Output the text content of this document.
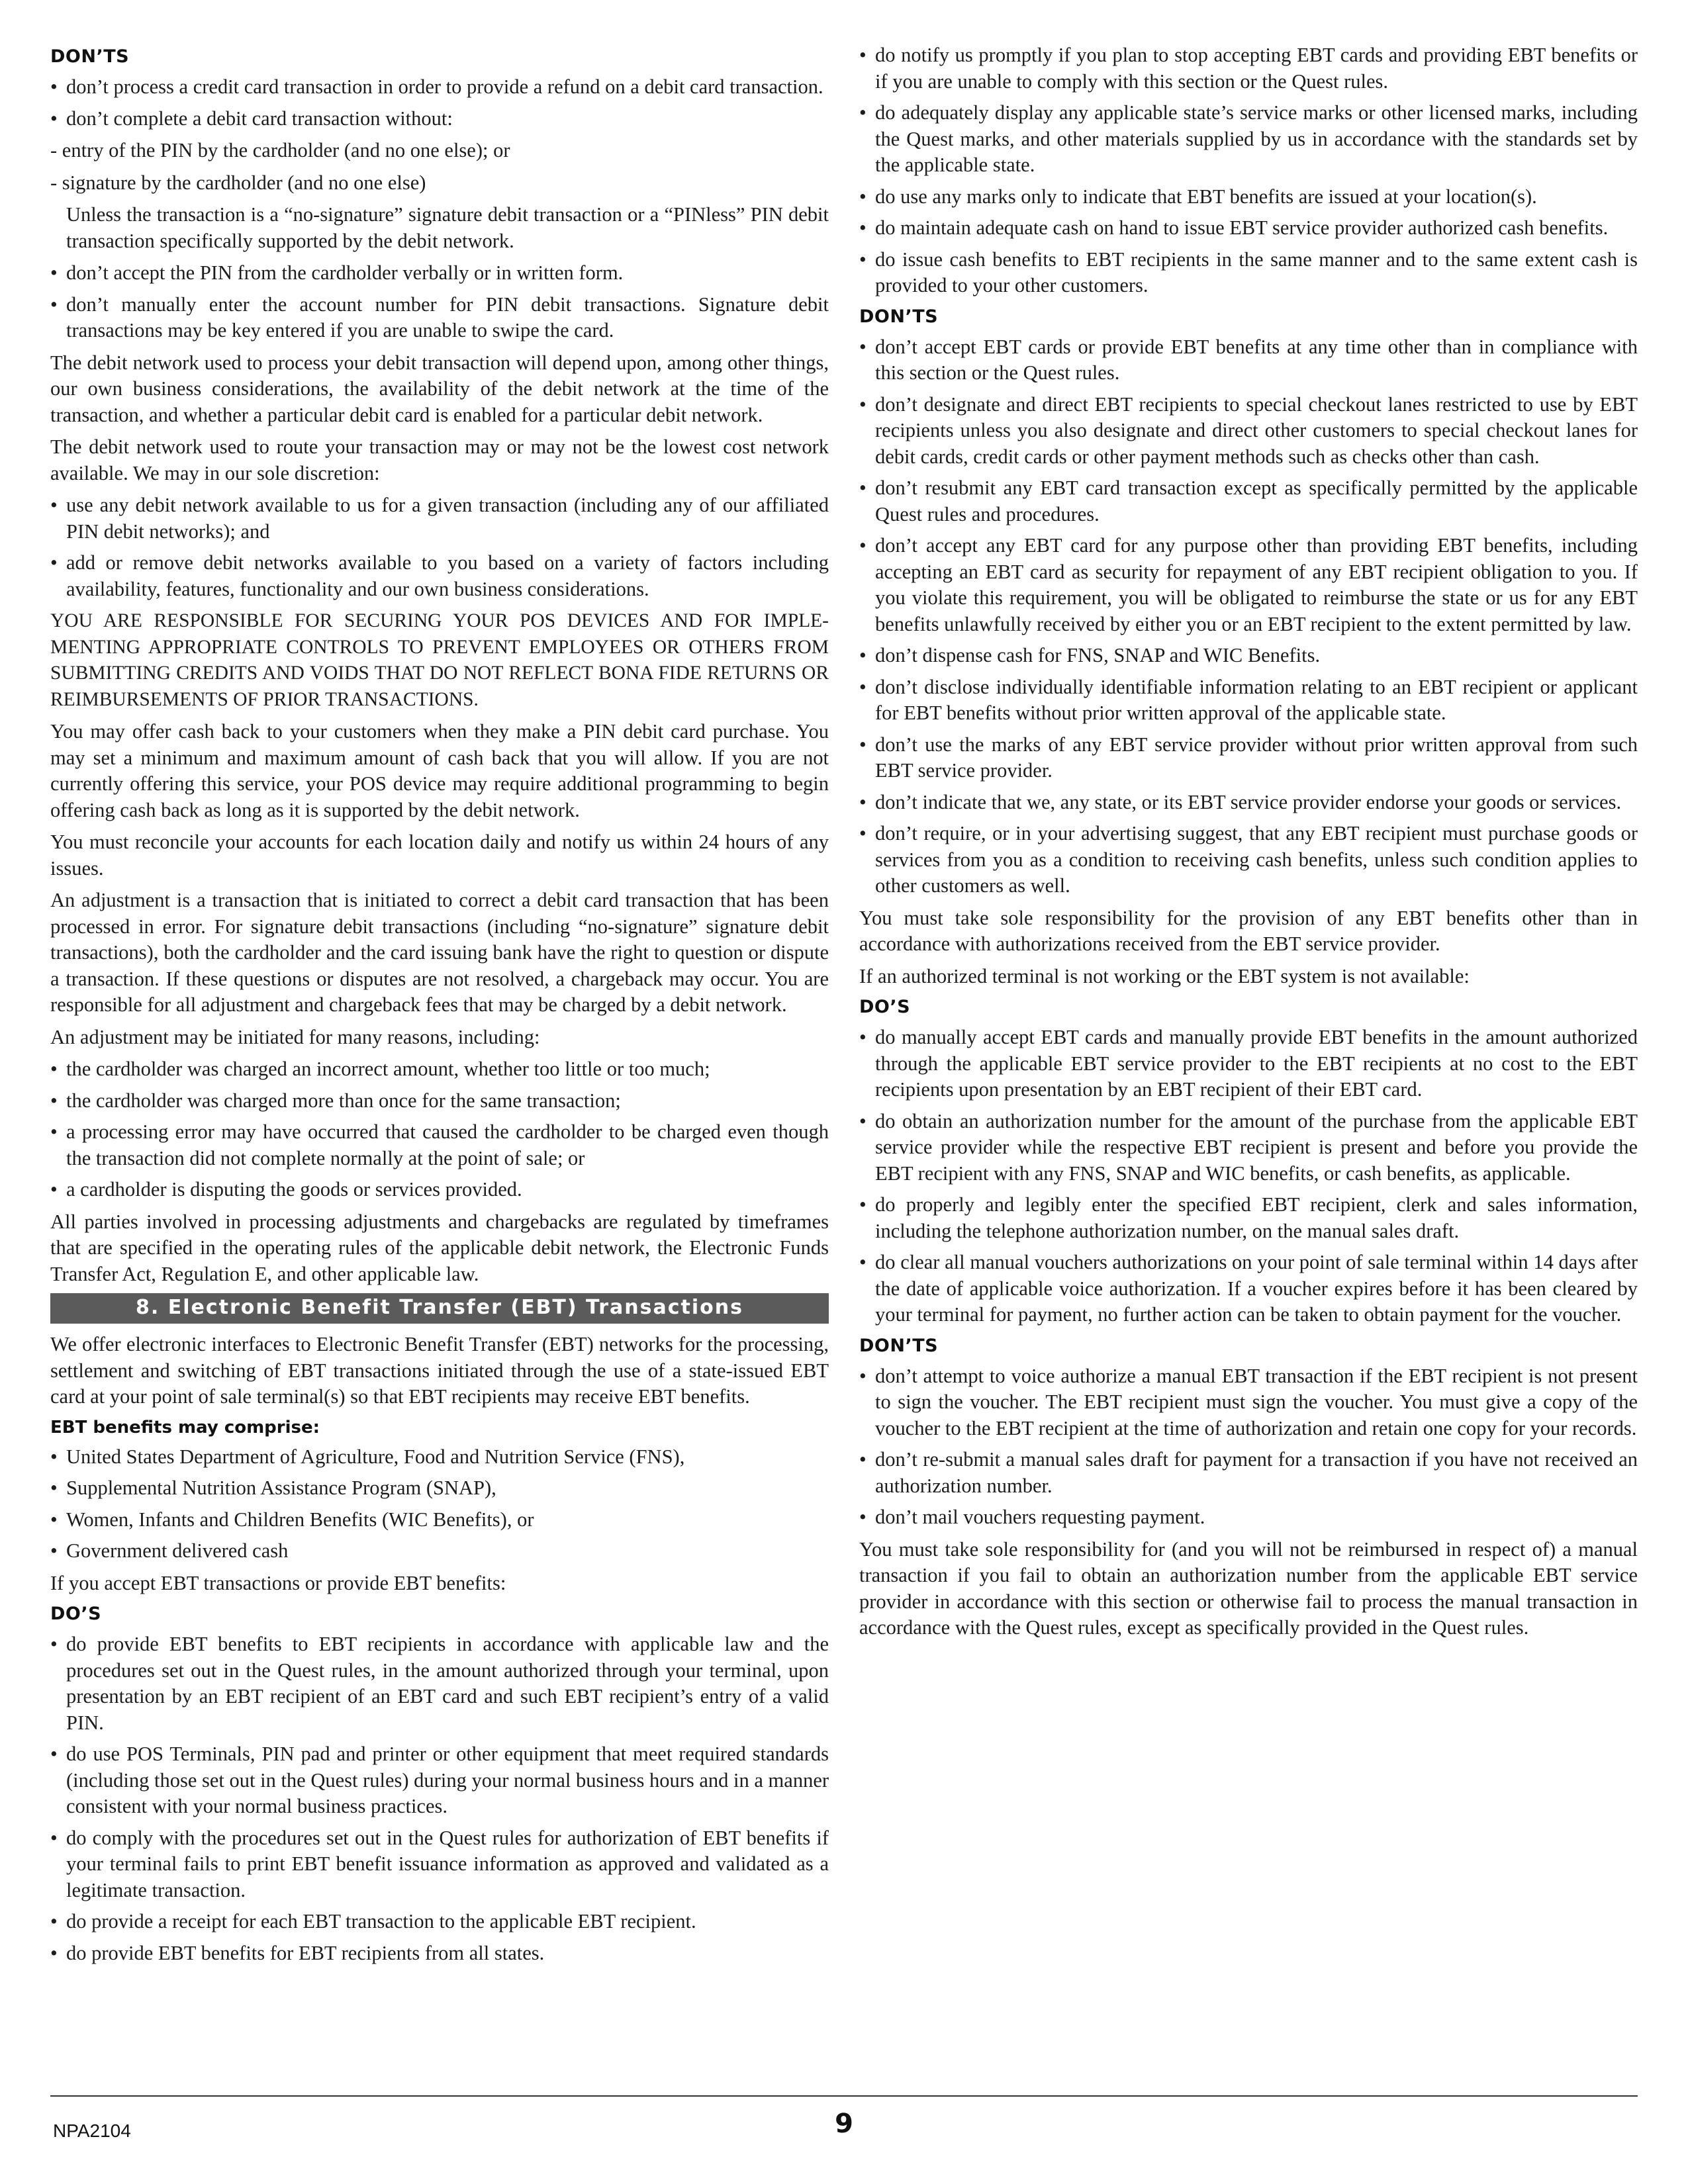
DON’TS
• don’t process a credit card transaction in order to provide a refund on a debit card transaction.
• don’t complete a debit card transaction without:

- entry of the PIN by the cardholder (and no one else); or

- signature by the cardholder (and no one else)

Unless the transaction is a “no-signature” signature debit transaction or a “PINless” PIN debit transaction specifically supported by the debit network.

• don’t accept the PIN from the cardholder verbally or in written form.
• don’t manually enter the account number for PIN debit transactions. Signature debit transactions may be key entered if you are unable to swipe the card.

The debit network used to process your debit transaction will depend upon, among other things, our own business considerations, the availability of the debit network at the time of the transaction, and whether a particular debit card is enabled for a particular debit network.

The debit network used to route your transaction may or may not be the lowest cost network available. We may in our sole discretion:

• use any debit network available to us for a given transaction (including any of our affiliated PIN debit networks); and
• add or remove debit networks available to you based on a variety of factors including availability, features, functionality and our own business considerations.

YOU ARE RESPONSIBLE FOR SECURING YOUR POS DEVICES AND FOR IMPLE-MENTING APPROPRIATE CONTROLS TO PREVENT EMPLOYEES OR OTHERS FROM SUBMITTING CREDITS AND VOIDS THAT DO NOT REFLECT BONA FIDE RETURNS OR REIMBURSEMENTS OF PRIOR TRANSACTIONS.

You may offer cash back to your customers when they make a PIN debit card purchase. You may set a minimum and maximum amount of cash back that you will allow. If you are not currently offering this service, your POS device may require additional programming to begin offering cash back as long as it is supported by the debit network.

You must reconcile your accounts for each location daily and notify us within 24 hours of any issues.

An adjustment is a transaction that is initiated to correct a debit card transaction that has been processed in error. For signature debit transactions (including “no-signature” signature debit transactions), both the cardholder and the card issuing bank have the right to question or dispute a transaction. If these questions or disputes are not resolved, a chargeback may occur. You are responsible for all adjustment and chargeback fees that may be charged by a debit network.

An adjustment may be initiated for many reasons, including:

• the cardholder was charged an incorrect amount, whether too little or too much;
• the cardholder was charged more than once for the same transaction;
• a processing error may have occurred that caused the cardholder to be charged even though the transaction did not complete normally at the point of sale; or
• a cardholder is disputing the goods or services provided.

All parties involved in processing adjustments and chargebacks are regulated by timeframes that are specified in the operating rules of the applicable debit network, the Electronic Funds Transfer Act, Regulation E, and other applicable law.

8. Electronic Benefit Transfer (EBT) Transactions

We offer electronic interfaces to Electronic Benefit Transfer (EBT) networks for the processing, settlement and switching of EBT transactions initiated through the use of a state-issued EBT card at your point of sale terminal(s) so that EBT recipients may receive EBT benefits.

EBT benefits may comprise:
• United States Department of Agriculture, Food and Nutrition Service (FNS),
• Supplemental Nutrition Assistance Program (SNAP),
• Women, Infants and Children Benefits (WIC Benefits), or
• Government delivered cash

If you accept EBT transactions or provide EBT benefits:

DO’S
• do provide EBT benefits to EBT recipients in accordance with applicable law and the procedures set out in the Quest rules, in the amount authorized through your terminal, upon presentation by an EBT recipient of an EBT card and such EBT recipient’s entry of a valid PIN.
• do use POS Terminals, PIN pad and printer or other equipment that meet required standards (including those set out in the Quest rules) during your normal business hours and in a manner consistent with your normal business practices.
• do comply with the procedures set out in the Quest rules for authorization of EBT benefits if your terminal fails to print EBT benefit issuance information as approved and validated as a legitimate transaction.
• do provide a receipt for each EBT transaction to the applicable EBT recipient.
• do provide EBT benefits for EBT recipients from all states.
• do notify us promptly if you plan to stop accepting EBT cards and providing EBT benefits or if you are unable to comply with this section or the Quest rules.
• do adequately display any applicable state’s service marks or other licensed marks, including the Quest marks, and other materials supplied by us in accordance with the standards set by the applicable state.
• do use any marks only to indicate that EBT benefits are issued at your location(s).
• do maintain adequate cash on hand to issue EBT service provider authorized cash benefits.
• do issue cash benefits to EBT recipients in the same manner and to the same extent cash is provided to your other customers.
DON’TS
• don’t accept EBT cards or provide EBT benefits at any time other than in compliance with this section or the Quest rules.
• don’t designate and direct EBT recipients to special checkout lanes restricted to use by EBT recipients unless you also designate and direct other customers to special checkout lanes for debit cards, credit cards or other payment methods such as checks other than cash.
• don’t resubmit any EBT card transaction except as specifically permitted by the applicable Quest rules and procedures.
• don’t accept any EBT card for any purpose other than providing EBT benefits, including accepting an EBT card as security for repayment of any EBT recipient obligation to you. If you violate this requirement, you will be obligated to reimburse the state or us for any EBT benefits unlawfully received by either you or an EBT recipient to the extent permitted by law.
• don’t dispense cash for FNS, SNAP and WIC Benefits.
• don’t disclose individually identifiable information relating to an EBT recipient or applicant for EBT benefits without prior written approval of the applicable state.
• don’t use the marks of any EBT service provider without prior written approval from such EBT service provider.
• don’t indicate that we, any state, or its EBT service provider endorse your goods or services.
• don’t require, or in your advertising suggest, that any EBT recipient must purchase goods or services from you as a condition to receiving cash benefits, unless such condition applies to other customers as well.

You must take sole responsibility for the provision of any EBT benefits other than in accordance with authorizations received from the EBT service provider.

If an authorized terminal is not working or the EBT system is not available:

DO’S
• do manually accept EBT cards and manually provide EBT benefits in the amount authorized through the applicable EBT service provider to the EBT recipients at no cost to the EBT recipients upon presentation by an EBT recipient of their EBT card.
• do obtain an authorization number for the amount of the purchase from the applicable EBT service provider while the respective EBT recipient is present and before you provide the EBT recipient with any FNS, SNAP and WIC benefits, or cash benefits, as applicable.
• do properly and legibly enter the specified EBT recipient, clerk and sales information, including the telephone authorization number, on the manual sales draft.
• do clear all manual vouchers authorizations on your point of sale terminal within 14 days after the date of applicable voice authorization. If a voucher expires before it has been cleared by your terminal for payment, no further action can be taken to obtain payment for the voucher.
DON’TS
• don’t attempt to voice authorize a manual EBT transaction if the EBT recipient is not present to sign the voucher. The EBT recipient must sign the voucher. You must give a copy of the voucher to the EBT recipient at the time of authorization and retain one copy for your records.
• don’t re-submit a manual sales draft for payment for a transaction if you have not received an authorization number.
• don’t mail vouchers requesting payment.

You must take sole responsibility for (and you will not be reimbursed in respect of) a manual transaction if you fail to obtain an authorization number from the applicable EBT service provider in accordance with this section or otherwise fail to process the manual transaction in accordance with the Quest rules, except as specifically provided in the Quest rules.

NPA2104	9
